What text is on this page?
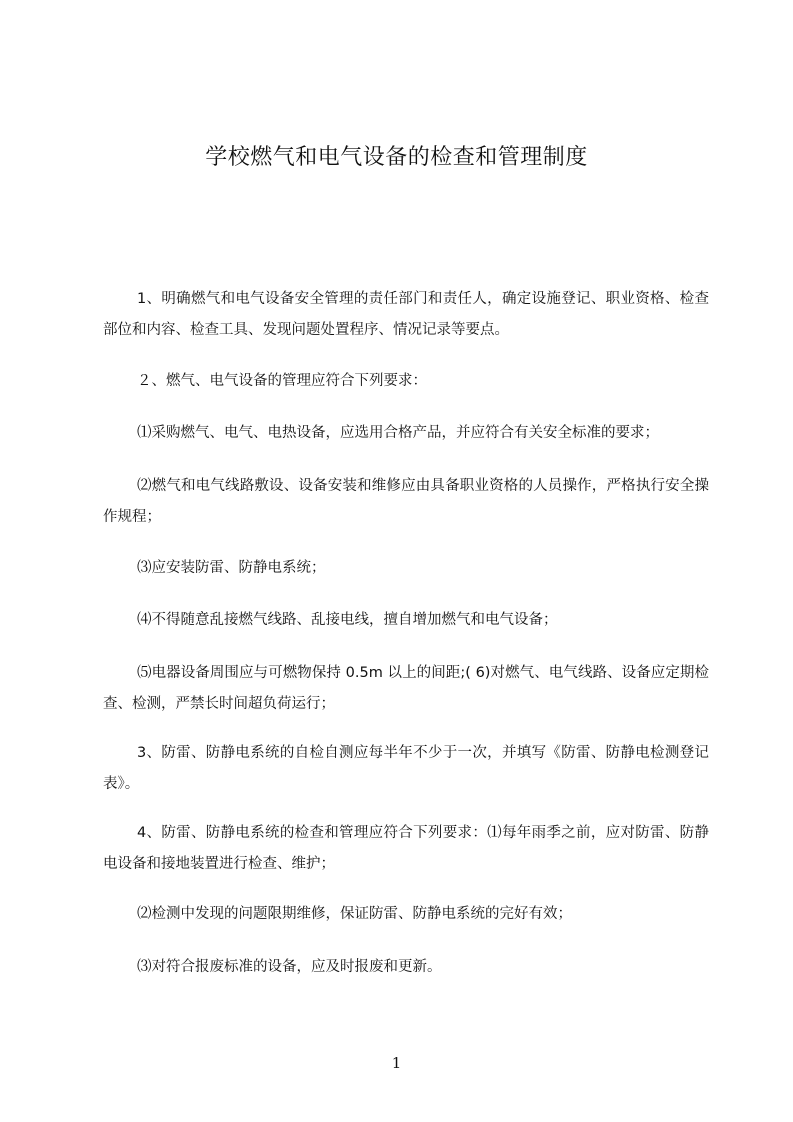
学校燃气和电气设备的检查和管理制度

1、明确燃气和电气设备安全管理的责任部门和责任人，确定设施登记、职业资格、检查部位和内容、检查工具、发现问题处置程序、情况记录等要点。

２、燃气、电气设备的管理应符合下列要求：

⑴采购燃气、电气、电热设备，应选用合格产品，并应符合有关安全标准的要求；

⑵燃气和电气线路敷设、设备安装和维修应由具备职业资格的人员操作，严格执行安全操作规程；

⑶应安装防雷、防静电系统；

⑷不得随意乱接燃气线路、乱接电线，擅自增加燃气和电气设备；

⑸电器设备周围应与可燃物保持 0.5m 以上的间距;( 6)对燃气、电气线路、设备应定期检查、检测，严禁长时间超负荷运行；

3、防雷、防静电系统的自检自测应每半年不少于一次，并填写《防雷、防静电检测登记表》。

4、防雷、防静电系统的检查和管理应符合下列要求：⑴每年雨季之前，应对防雷、防静电设备和接地装置进行检查、维护；

⑵检测中发现的问题限期维修，保证防雷、防静电系统的完好有效；

⑶对符合报废标准的设备，应及时报废和更新。

1
